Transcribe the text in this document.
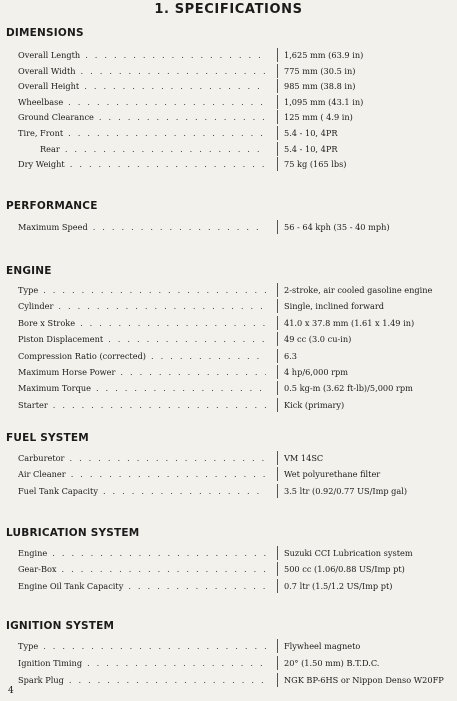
1. SPECIFICATIONS
DIMENSIONS
Overall Length . . .	1,625 mm (63.9 in)
Overall Width . . .	775 mm (30.5 in)
Overall Height . . .	985 mm (38.8 in)
Wheelbase . . .	1,095 mm (43.1 in)
Ground Clearance . . .	125 mm ( 4.9 in)
Tire, Front . . .	5.4 - 10, 4PR
Rear . . .	5.4 - 10, 4PR
Dry Weight . . .	75 kg (165 lbs)
PERFORMANCE
Maximum Speed . . .	56 - 64 kph (35 - 40 mph)
ENGINE
Type . . .	2-stroke, air cooled gasoline engine
Cylinder . . .	Single, inclined forward
Bore x Stroke . . .	41.0 x 37.8 mm (1.61 x 1.49 in)
Piston Displacement . . .	49 cc (3.0 cu-in)
Compression Ratio (corrected) . . .	6.3
Maximum Horse Power . . .	4 hp/6,000 rpm
Maximum Torque . . .	0.5 kg-m (3.62 ft-lb)/5,000 rpm
Starter . . .	Kick (primary)
FUEL SYSTEM
Carburetor . . .	VM 14SC
Air Cleaner . . .	Wet polyurethane filter
Fuel Tank Capacity . . .	3.5 ltr (0.92/0.77 US/Imp gal)
LUBRICATION SYSTEM
Engine . . .	Suzuki CCI Lubrication system
Gear-Box . . .	500 cc (1.06/0.88 US/Imp pt)
Engine Oil Tank Capacity . . .	0.7 ltr (1.5/1.2 US/Imp pt)
IGNITION SYSTEM
Type . . .	Flywheel magneto
Ignition Timing . . .	20° (1.50 mm) B.T.D.C.
Spark Plug . . .	NGK BP-6HS or Nippon Denso W20FP
4
